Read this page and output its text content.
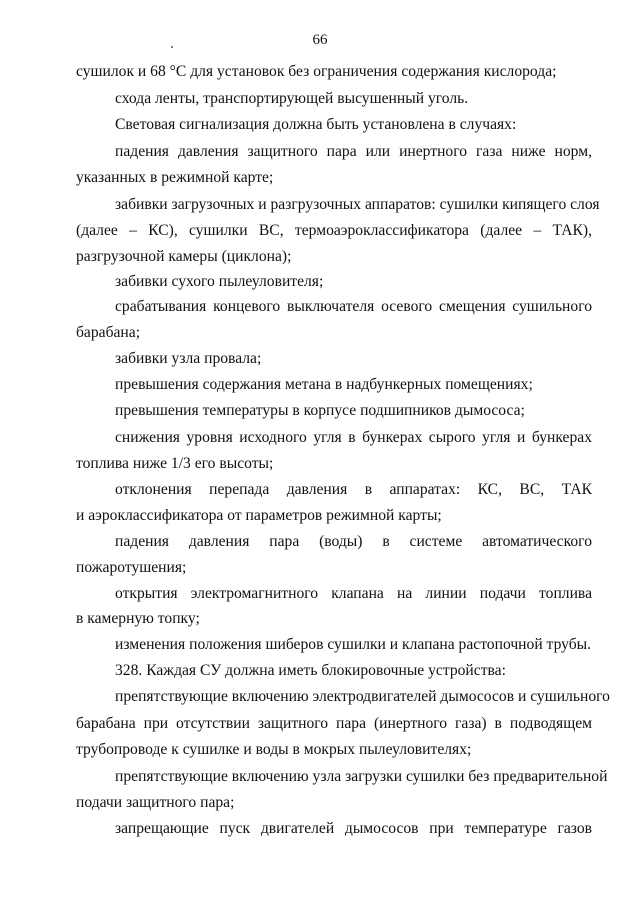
66
сушилок и 68 °С для установок без ограничения содержания кислорода;
схода ленты, транспортирующей высушенный уголь.
Световая сигнализация должна быть установлена в случаях:
падения давления защитного пара или инертного газа ниже норм,
указанных в режимной карте;
забивки загрузочных и разгрузочных аппаратов: сушилки кипящего слоя
(далее – КС), сушилки ВС, термоаэроклассификатора (далее – ТАК),
разгрузочной камеры (циклона);
забивки сухого пылеуловителя;
срабатывания концевого выключателя осевого смещения сушильного
барабана;
забивки узла провала;
превышения содержания метана в надбункерных помещениях;
превышения температуры в корпусе подшипников дымососа;
снижения уровня исходного угля в бункерах сырого угля и бункерах
топлива ниже 1/3 его высоты;
отклонения перепада давления в аппаратах: КС, ВС, ТАК
и аэроклассификатора от параметров режимной карты;
падения давления пара (воды) в системе автоматического
пожаротушения;
открытия электромагнитного клапана на линии подачи топлива
в камерную топку;
изменения положения шиберов сушилки и клапана растопочной трубы.
328. Каждая СУ должна иметь блокировочные устройства:
препятствующие включению электродвигателей дымососов и сушильного
барабана при отсутствии защитного пара (инертного газа) в подводящем
трубопроводе к сушилке и воды в мокрых пылеуловителях;
препятствующие включению узла загрузки сушилки без предварительной
подачи защитного пара;
запрещающие пуск двигателей дымососов при температуре газов
